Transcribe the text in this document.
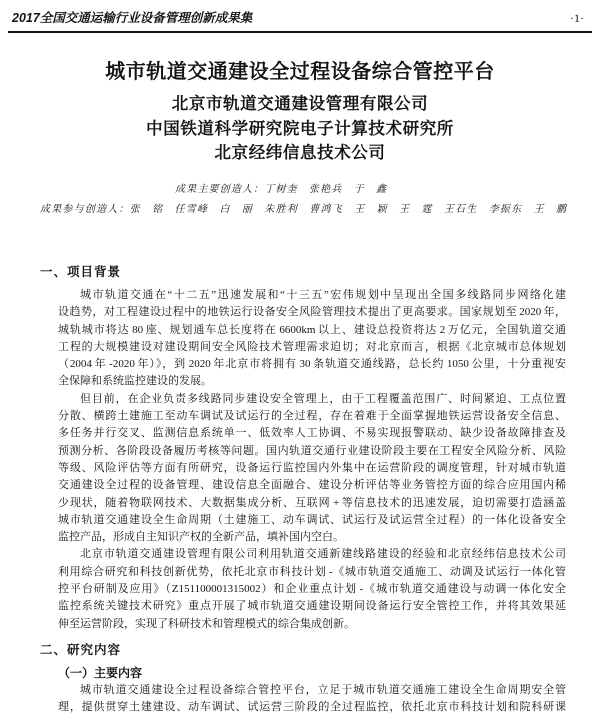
2017全国交通运输行业设备管理创新成果集	·1·
城市轨道交通建设全过程设备综合管控平台
北京市轨道交通建设管理有限公司
中国铁道科学研究院电子计算技术研究所
北京经纬信息技术公司
成果主要创造人：丁树奎　张艳兵　于　鑫
成果参与创造人：张　铭　任雪峰　白　丽　朱胜利　曹鸿飞　王　颖　王　霆　王石生　李振东　王　鹏
一、项目背景
城市轨道交通在“十二五”迅速发展和“十三五”宏伟规划中呈现出全国多线路同步网络化建
设趋势，对工程建设过程中的地铁运行设备安全风险管理技术提出了更高要求。国家规划至 2020 年，
城轨城市将达 80 座、规划通车总长度将在 6600km 以上、建设总投资将达 2 万亿元，全国轨道交通
工程的大规模建设对建设期间安全风险技术管理需求迫切；对北京而言，根据《北京城市总体规划
（2004 年 -2020 年）》，到 2020 年北京市将拥有 30 条轨道交通线路，总长约 1050 公里，十分重视安
全保障和系统监控建设的发展。
但目前，在企业负责多线路同步建设安全管理上，由于工程覆盖范围广、时间紧迫、工点位置
分散、横跨土建施工至动车调试及试运行的全过程，存在着难于全面掌握地铁运营设备安全信息、
多任务并行交叉、监测信息系统单一、低效率人工协调、不易实现报警联动、缺少设备故障排查及
预测分析、各阶段设备履历考核等问题。国内轨道交通行业建设阶段主要在工程安全风险分析、风险
等级、风险评估等方面有所研究，设备运行监控国内外集中在运营阶段的调度管理，针对城市轨道
交通建设全过程的设备管理、建设信息全面融合、建设分析评估等业务管控方面的综合应用国内稀
少现状，随着物联网技术、大数据集成分析、互联网 + 等信息技术的迅速发展，迫切需要打造涵盖
城市轨道交通建设全生命周期（土建施工、动车调试、试运行及试运营全过程）的一体化设备安全
监控产品，形成自主知识产权的全新产品，填补国内空白。
北京市轨道交通建设管理有限公司利用轨道交通新建线路建设的经验和北京经纬信息技术公司
利用综合研究和科技创新优势，依托北京市科技计划 -《城市轨道交通施工、动调及试运行一体化管
控平台研制及应用》（Z151100001315002）和企业重点计划 -《城市轨道交通建设与动调一体化安全
监控系统关键技术研究》重点开展了城市轨道交通建设期间设备运行安全管控工作，并将其效果延
伸至运营阶段，实现了科研技术和管理模式的综合集成创新。
二、研究内容
（一）主要内容
城市轨道交通建设全过程设备综合管控平台，立足于城市轨道交通施工建设全生命周期安全管
理，提供贯穿土建建设、动车调试、试运营三阶段的全过程监控，依托北京市科技计划和院科研课
